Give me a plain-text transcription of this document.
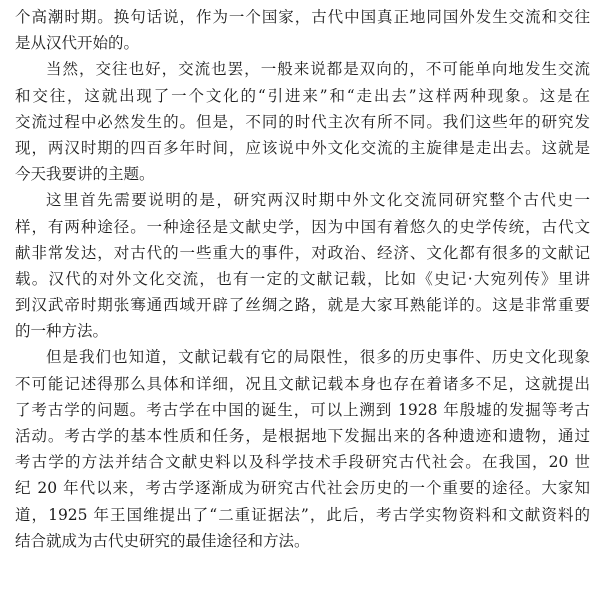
个高潮时期。换句话说，作为一个国家，古代中国真正地同国外发生交流和交往
是从汉代开始的。
当然，交往也好，交流也罢，一般来说都是双向的，不可能单向地发生交流
和交往，这就出现了一个文化的“引进来”和“走出去”这样两种现象。这是在
交流过程中必然发生的。但是，不同的时代主次有所不同。我们这些年的研究发
现，两汉时期的四百多年时间，应该说中外文化交流的主旋律是走出去。这就是
今天我要讲的主题。
这里首先需要说明的是，研究两汉时期中外文化交流同研究整个古代史一
样，有两种途径。一种途径是文献史学，因为中国有着悠久的史学传统，古代文
献非常发达，对古代的一些重大的事件，对政治、经济、文化都有很多的文献记
载。汉代的对外文化交流，也有一定的文献记载，比如《史记·大宛列传》里讲
到汉武帝时期张骞通西域开辟了丝绸之路，就是大家耳熟能详的。这是非常重要
的一种方法。
但是我们也知道，文献记载有它的局限性，很多的历史事件、历史文化现象
不可能记述得那么具体和详细，况且文献记载本身也存在着诸多不足，这就提出
了考古学的问题。考古学在中国的诞生，可以上溯到 1928 年殷墟的发掘等考古
活动。考古学的基本性质和任务，是根据地下发掘出来的各种遗迹和遗物，通过
考古学的方法并结合文献史料以及科学技术手段研究古代社会。在我国，20 世
纪 20 年代以来，考古学逐渐成为研究古代社会历史的一个重要的途径。大家知
道，1925 年王国维提出了“二重证据法”，此后，考古学实物资料和文献资料的
结合就成为古代史研究的最佳途径和方法。
